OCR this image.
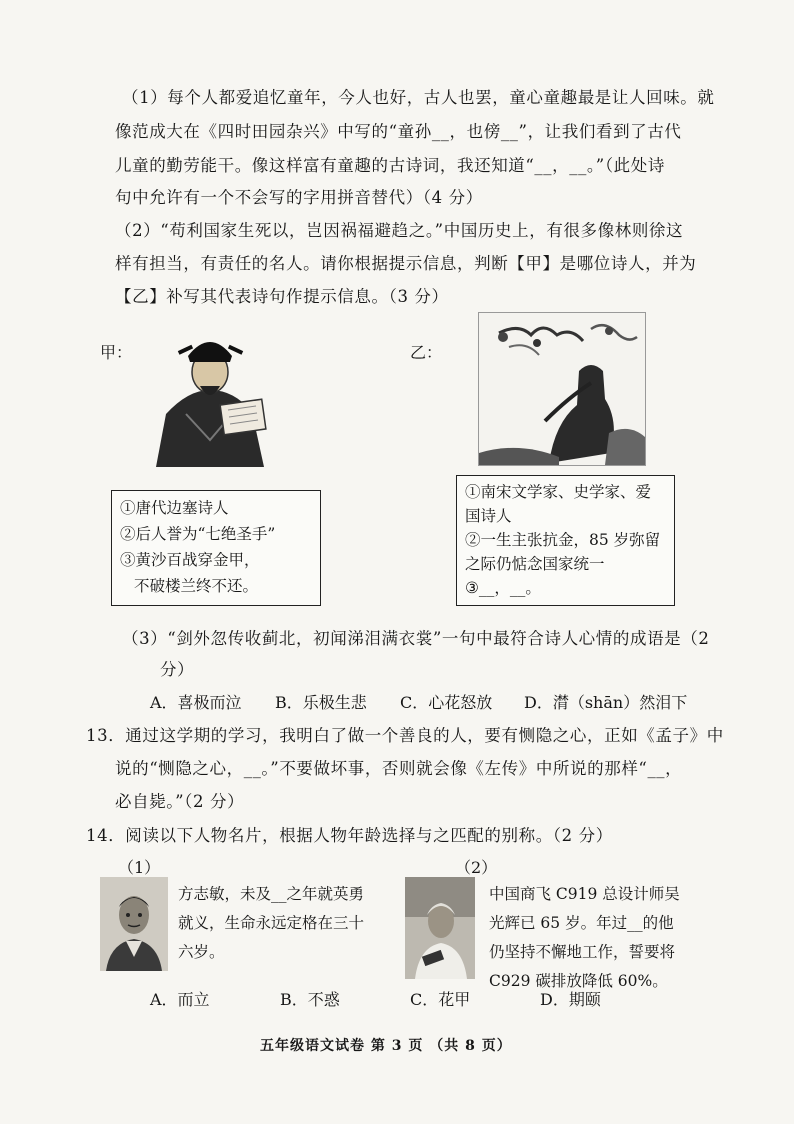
（1）每个人都爱追忆童年，今人也好，古人也罢，童心童趣最是让人回味。就
像范成大在《四时田园杂兴》中写的“童孙__，也傍__”，让我们看到了古代
儿童的勤劳能干。像这样富有童趣的古诗词，我还知道“__，__。”（此处诗
句中允许有一个不会写的字用拼音替代）（4 分）
（2）“苟利国家生死以，岂因祸福避趋之。”中国历史上，有很多像林则徐这
样有担当，有责任的名人。请你根据提示信息，判断【甲】是哪位诗人，并为
【乙】补写其代表诗句作提示信息。（3 分）
甲：
①唐代边塞诗人
②后人誉为“七绝圣手”
③黄沙百战穿金甲，
不破楼兰终不还。
乙：
①南宋文学家、史学家、爱
国诗人
②一生主张抗金，85 岁弥留
之际仍惦念国家统一
③__，__。
（3）“剑外忽传收蓟北，初闻涕泪满衣裳”一句中最符合诗人心情的成语是（2
分）
A．喜极而泣 B．乐极生悲 C．心花怒放 D．潸（shān）然泪下
13．通过这学期的学习，我明白了做一个善良的人，要有恻隐之心，正如《孟子》中
说的“恻隐之心，__。”不要做坏事，否则就会像《左传》中所说的那样“__，
必自毙。”（2 分）
14．阅读以下人物名片，根据人物年龄选择与之匹配的别称。（2 分）
（1）	（2）
方志敏，未及__之年就英勇
就义，生命永远定格在三十
六岁。
中国商飞 C919 总设计师吴
光辉已 65 岁。年过__的他
仍坚持不懈地工作，誓要将
C929 碳排放降低 60%。
A．而立	B．不惑	C．花甲	D．期颐
五年级语文试卷 第 3 页 （共 8 页）
